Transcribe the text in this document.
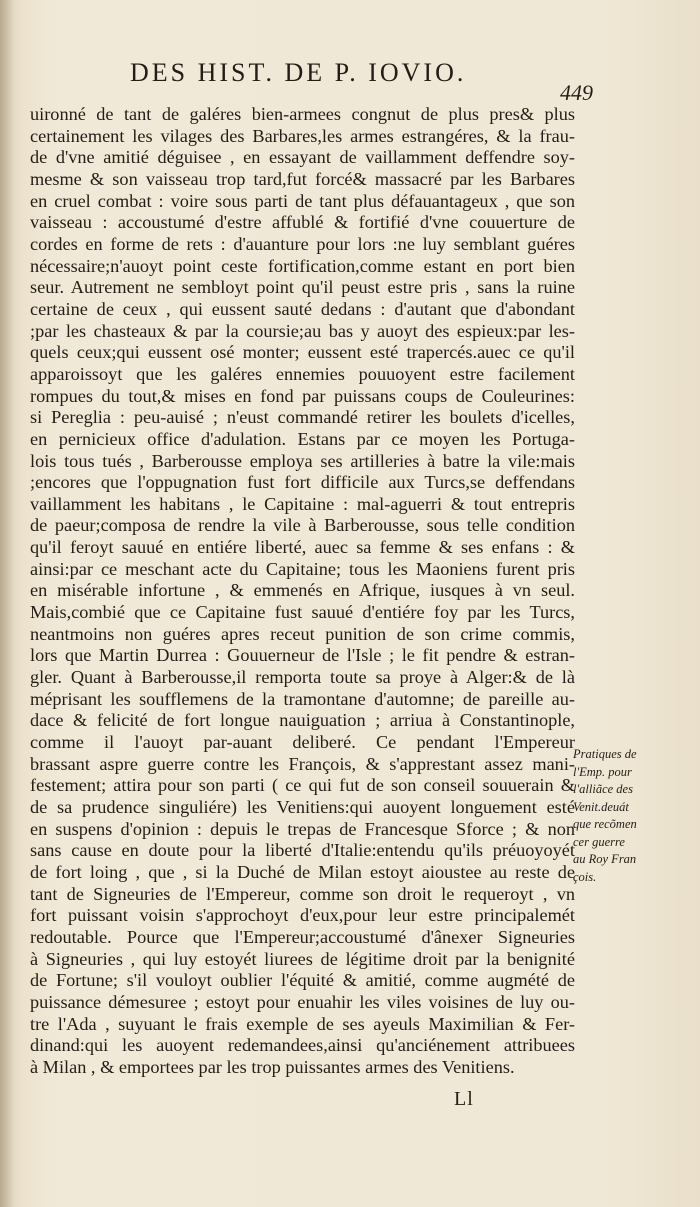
DES HIST. DE P. IOVIO.
449
uironné de tant de galéres bien-armees congnut de plus pres& plus
certainement les vilages des Barbares,les armes estrangéres, & la frau-
de d'vne amitié déguisee , en essayant de vaillamment deffendre soy-
mesme & son vaisseau trop tard,fut forcé& massacré par les Barbares
en cruel combat : voire sous parti de tant plus défauantageux , que son
vaisseau : accoustumé d'estre affublé & fortifié d'vne couuerture de
cordes en forme de rets : d'auanture pour lors :ne luy semblant guéres
nécessaire;n'auoyt point ceste fortification,comme estant en port bien
seur. Autrement ne sembloyt point qu'il peust estre pris , sans la ruine
certaine de ceux , qui eussent sauté dedans : d'autant que d'abondant
;par les chasteaux & par la coursie;au bas y auoyt des espieux:par les-
quels ceux;qui eussent osé monter; eussent esté trapercés.auec ce qu'il
apparoissoyt que les galéres ennemies pouuoyent estre facilement
rompues du tout,& mises en fond par puissans coups de Couleurines:
si Pereglia : peu-auisé ; n'eust commandé retirer les boulets d'icelles,
en pernicieux office d'adulation. Estans par ce moyen les Portuga-
lois tous tués , Barberousse employa ses artilleries à batre la vile:mais
;encores que l'oppugnation fust fort difficile aux Turcs,se deffendans
vaillamment les habitans , le Capitaine : mal-aguerri & tout entrepris
de paeur;composa de rendre la vile à Barberousse, sous telle condition
qu'il feroyt sauué en entiére liberté, auec sa femme & ses enfans : &
ainsi:par ce meschant acte du Capitaine; tous les Maoniens furent pris
en misérable infortune , & emmenés en Afrique, iusques à vn seul.
Mais,combié que ce Capitaine fust sauué d'entiére foy par les Turcs,
neantmoins non guéres apres receut punition de son crime commis,
lors que Martin Durrea : Gouuerneur de l'Isle ; le fit pendre & estran-
gler. Quant à Barberousse,il remporta toute sa proye à Alger:& de là
méprisant les soufflemens de la tramontane d'automne; de pareille au-
dace & felicité de fort longue nauiguation ; arriua à Constantinople,
comme il l'auoyt par-auant deliberé. Ce pendant l'Empereur
brassant aspre guerre contre les François, & s'apprestant assez mani-
festement; attira pour son parti ( ce qui fut de son conseil souuerain &
de sa prudence singuliére) les Venitiens:qui auoyent longuement esté
en suspens d'opinion : depuis le trepas de Francesque Sforce ; & non
sans cause en doute pour la liberté d'Italie:entendu qu'ils préuoyoyét
de fort loing , que , si la Duché de Milan estoyt aioustee au reste de
tant de Signeuries de l'Empereur, comme son droit le requeroyt , vn
fort puissant voisin s'approchoyt d'eux,pour leur estre principalemét
redoutable. Pource que l'Empereur;accoustumé d'ânexer Signeuries
à Signeuries , qui luy estoyét liurees de légitime droit par la benignité
de Fortune; s'il vouloyt oublier l'équité & amitié, comme augmété de
puissance démesuree ; estoyt pour enuahir les viles voisines de luy ou-
tre l'Ada , suyuant le frais exemple de ses ayeuls Maximilian & Fer-
dinand:qui les auoyent redemandees,ainsi qu'anciénement attribuees
à Milan , & emportees par les trop puissantes armes des Venitiens.
Pratiques de
l'Emp. pour
l'alliãce des
Venit.deuát
que recõmen
cer guerre
au Roy Fran
çois.
Ll
